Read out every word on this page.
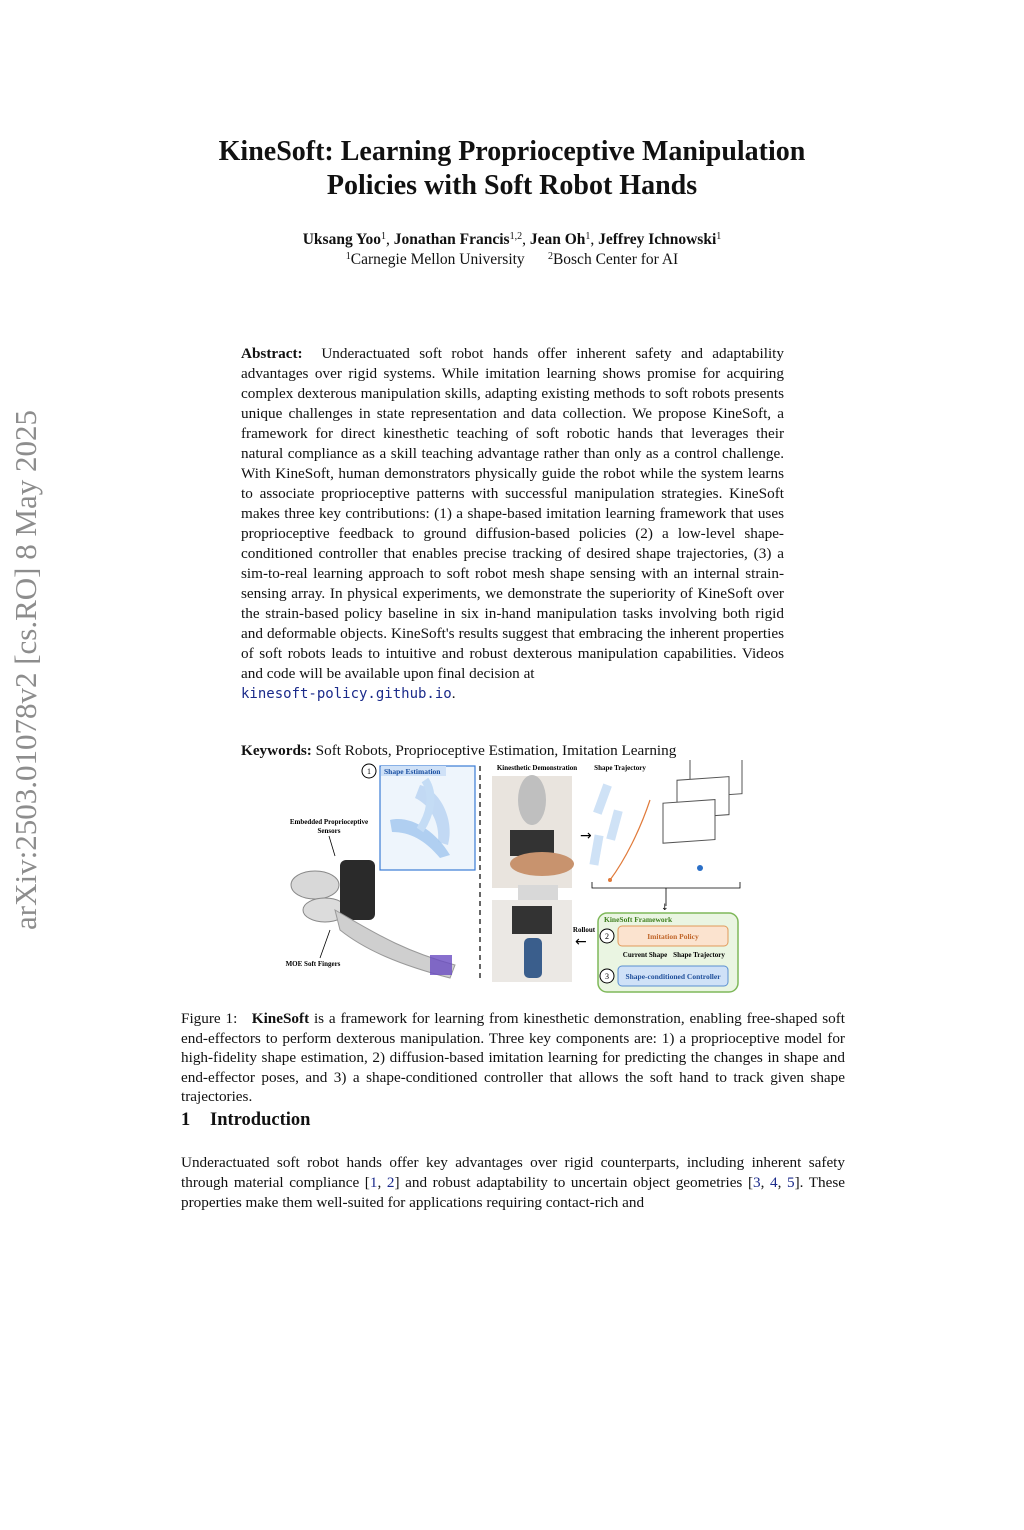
arXiv:2503.01078v2 [cs.RO] 8 May 2025
KineSoft: Learning Proprioceptive Manipulation
Policies with Soft Robot Hands
Uksang Yoo$^1$, Jonathan Francis$^{1,2}$, Jean Oh$^1$, Jeffrey Ichnowski$^1$
$^1$Carnegie Mellon University $^2$Bosch Center for AI
Abstract: Underactuated soft robot hands offer inherent safety and adaptability advantages over rigid systems. While imitation learning shows promise for acquiring complex dexterous manipulation skills, adapting existing methods to soft robots presents unique challenges in state representation and data collection. We propose KineSoft, a framework for direct kinesthetic teaching of soft robotic hands that leverages their natural compliance as a skill teaching advantage rather than only as a control challenge. With KineSoft, human demonstrators physically guide the robot while the system learns to associate proprioceptive patterns with successful manipulation strategies. KineSoft makes three key contributions: (1) a shape-based imitation learning framework that uses proprioceptive feedback to ground diffusion-based policies (2) a low-level shape-conditioned controller that enables precise tracking of desired shape trajectories, (3) a sim-to-real learning approach to soft robot mesh shape sensing with an internal strain-sensing array. In physical experiments, we demonstrate the superiority of KineSoft over the strain-based policy baseline in six in-hand manipulation tasks involving both rigid and deformable objects. KineSoft's results suggest that embracing the inherent properties of soft robots leads to intuitive and robust dexterous manipulation capabilities. Videos and code will be available upon final decision at
kinesoft-policy.github.io.
Keywords: Soft Robots, Proprioceptive Estimation, Imitation Learning
1 Shape Estimation
Embedded Proprioceptive
Sensors
MOE Soft Fingers
Kinesthetic Demonstration
→
Rollout
←
Shape Trajectory
↓
KineSoft Framework
2	Imitation Policy
Current Shape Shape Trajectory
3 Shape-conditioned Controller
Figure 1: KineSoft is a framework for learning from kinesthetic demonstration, enabling free-shaped soft end-effectors to perform dexterous manipulation. Three key components are: 1) a proprioceptive model for high-fidelity shape estimation, 2) diffusion-based imitation learning for predicting the changes in shape and end-effector poses, and 3) a shape-conditioned controller that allows the soft hand to track given shape trajectories.
1 Introduction
Underactuated soft robot hands offer key advantages over rigid counterparts, including inherent safety through material compliance [1, 2] and robust adaptability to uncertain object geometries [3, 4, 5]. These properties make them well-suited for applications requiring contact-rich and
